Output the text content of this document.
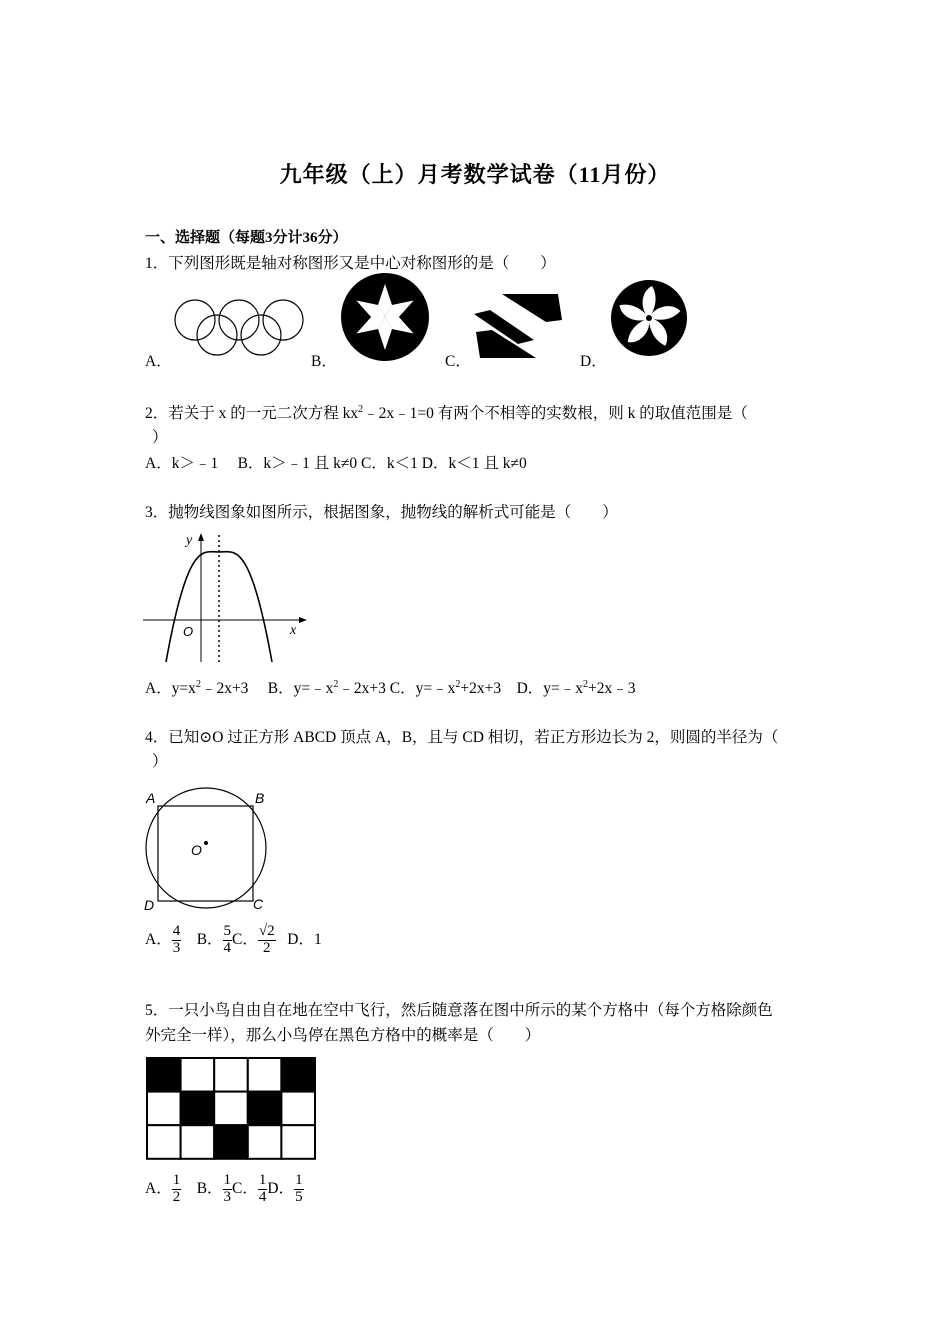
九年级（上）月考数学试卷（11月份）
一、选择题（每题3分计36分）
1．下列图形既是轴对称图形又是中心对称图形的是（　　）
A．	B．	C．	D．
2．若关于 x 的一元二次方程 $kx^2﹣2x﹣1=0$ 有两个不相等的实数根，则 k 的取值范围是（
）
A．k＞﹣1　 B．k＞﹣1 且 k≠0 C．k＜1 D．k＜1 且 k≠0
3．抛物线图象如图所示，根据图象，抛物线的解析式可能是（　　）
y
x
O
A．$y=x^2﹣2x+3$　 B．$y=﹣x^2﹣2x+3$ C．$y=﹣x^2+2x+3$　D．$y=﹣x^2+2x﹣3$
4．已知⊙O 过正方形 ABCD 顶点 A，B，且与 CD 相切，若正方形边长为 2，则圆的半径为（
）
A	B
C
D
O
A． $\frac{4}{3}$ B． $\frac{5}{4}$ C． $\frac{√2}{2}$ D．1
5．一只小鸟自由自在地在空中飞行，然后随意落在图中所示的某个方格中（每个方格除颜色
外完全一样），那么小鸟停在黑色方格中的概率是（　　）
A． $\frac{1}{2}$ B． $\frac{1}{3}$ C． $\frac{1}{4}$ D． $\frac{1}{5}$
